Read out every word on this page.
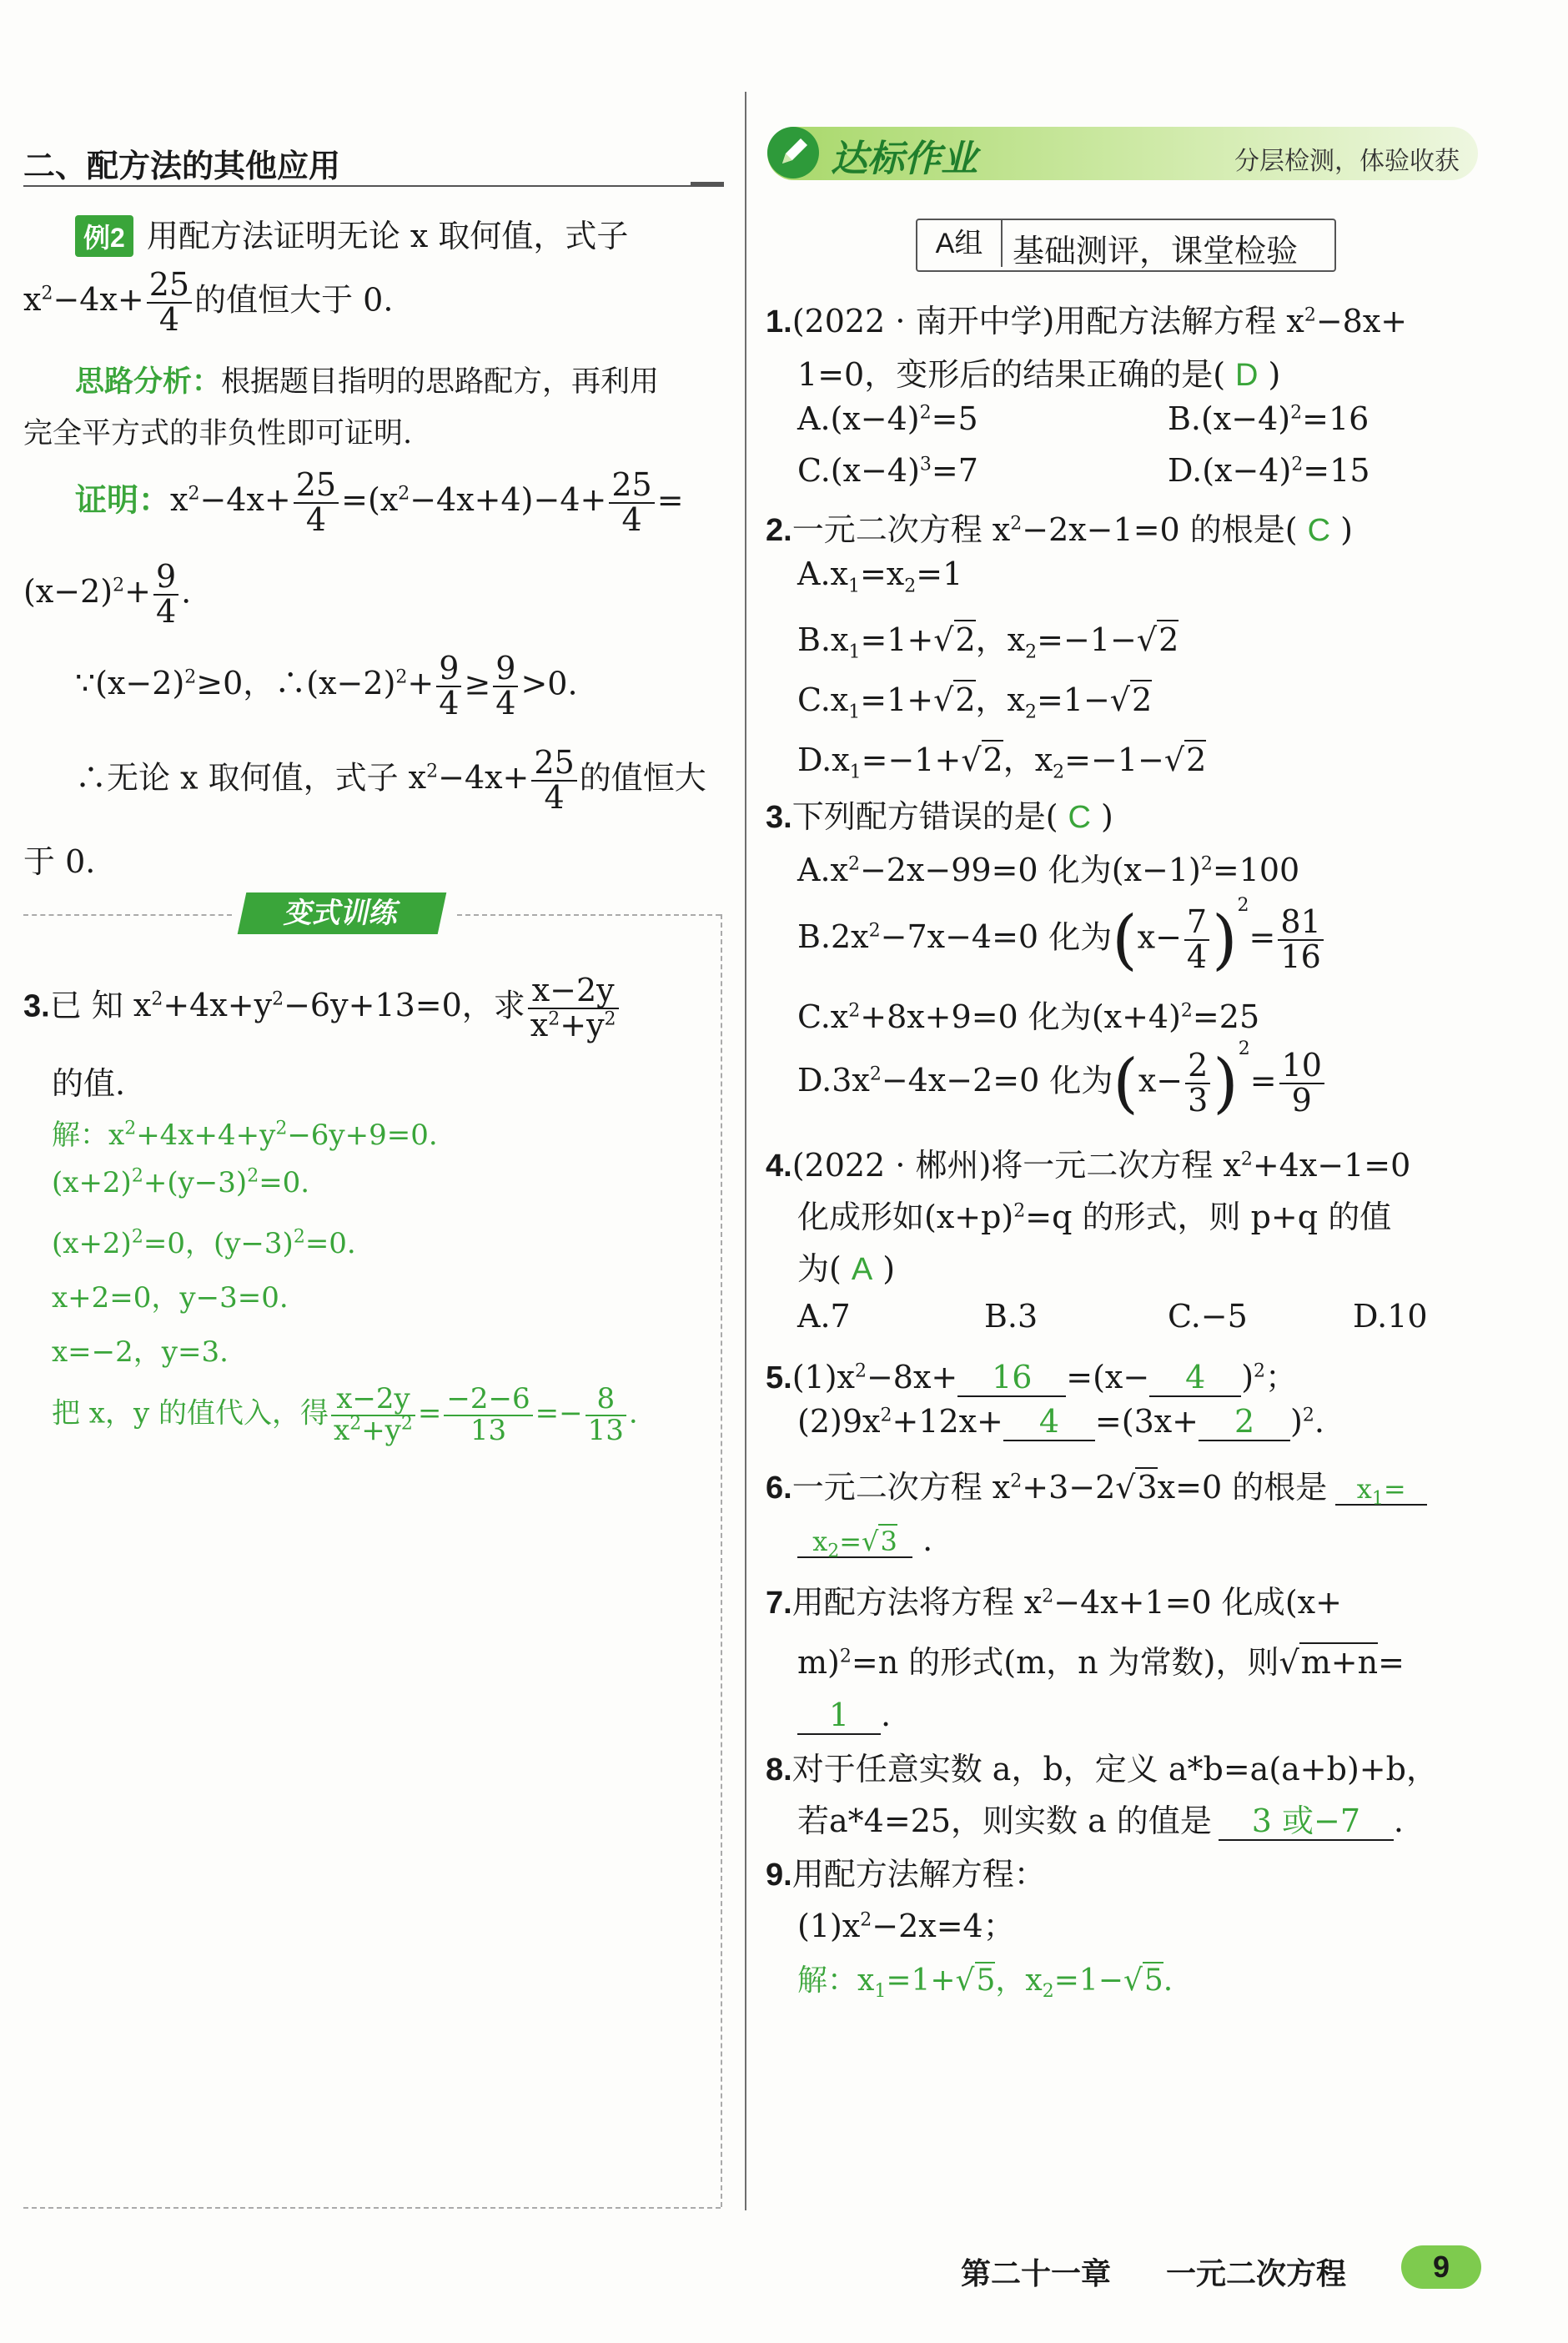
二、配方法的其他应用
例2 用配方法证明无论 x 取何值，式子
$x^2-4x+ \frac{25}{4}$ 的值恒大于 0.
思路分析：根据题目指明的思路配方，再利用
完全平方式的非负性即可证明.
证明：$x^2-4x+ \frac{25}{4} =(x^2-4x+4)-4+ \frac{25}{4}$ =
$(x-2)^2+ \frac{9}{4}$ .
$\because(x-2)^2\ge 0$，$\therefore(x-2)^2+ \frac{9}{4} \ge \frac{9}{4} >0$.
∴无论 x 取何值，式子 $x^2-4x+ \frac{25}{4}$ 的值恒大
于 0.
变式训练
3.已 知 $x^2+4x+y^2-6y+13=0$，求 $\frac{x-2y}{x^2+y^2}$
的值.
解：$x^2+4x+4+y^2-6y+9=0$.
$(x+2)^2+(y-3)^2=0$.
$(x+2)^2=0$，$(y-3)^2=0$.
x+2=0，y−3=0.
x=−2，y=3.
把 x，y 的值代入，得 $\frac{x-2y}{x^2+y^2} = \frac{-2-6}{13} =- \frac{8}{13}$ .
达标作业	分层检测，体验收获
A组 基础测评，课堂检验
1.(2022 · 南开中学)用配方法解方程 $x^2-8x+$
1=0，变形后的结果正确的是( D )
$A.(x-4)^2=5$	$B.(x-4)^2=16$
$C.(x-4)^3=7$	$D.(x-4)^2=15$
2.一元二次方程 $x^2-2x-1=0$ 的根是( C )
$A.x_1=x_2=1$
$B.x_1=1+√2$，$x_2=-1-√2$
$C.x_1=1+√2$，$x_2=1-√2$
$D.x_1=-1+√2$，$x_2=-1-√2$
3.下列配方错误的是( C )
$A.x^2-2x-99=0$ 化为$(x-1)^2=100$
$B.2x^2-7x-4=0$ 化为$(x- \frac{7}{4} )^2= \frac{81}{16}$
$C.x^2+8x+9=0$ 化为$(x+4)^2=25$
$D.3x^2-4x-2=0$ 化为$(x- \frac{2}{3} )^2= \frac{10}{9}$
4.(2022 · 郴州)将一元二次方程 $x^2+4x-1=0$
化成形如$(x+p)^2=q$ 的形式，则 p+q 的值
为( A )
A.7	B.3	C.−5	D.10
$5.(1)x^2-8x+ 16 =(x- 4$ )$^2$；
$(2)9x^2+12x+ 4 =(3x+ 2$ )$^2$.
6.一元二次方程 $x^2+3-2√3x=0$ 的根是 $x_1=$
$x_2=√3$ .
7.用配方法将方程 $x^2-4x+1=0$ 化成(x+
m)$^2$=n 的形式(m，n 为常数)，则√m+n=
1 .
8.对于任意实数 a，b，定义 a*b=a(a+b)+b，
若a*4=25，则实数 a 的值是 3 或−7 .
9.用配方法解方程：
$(1)x^2-2x=4$；
解：$x_1=1+√5$，$x_2=1-√5$.
第二十一章 一元二次方程	9
